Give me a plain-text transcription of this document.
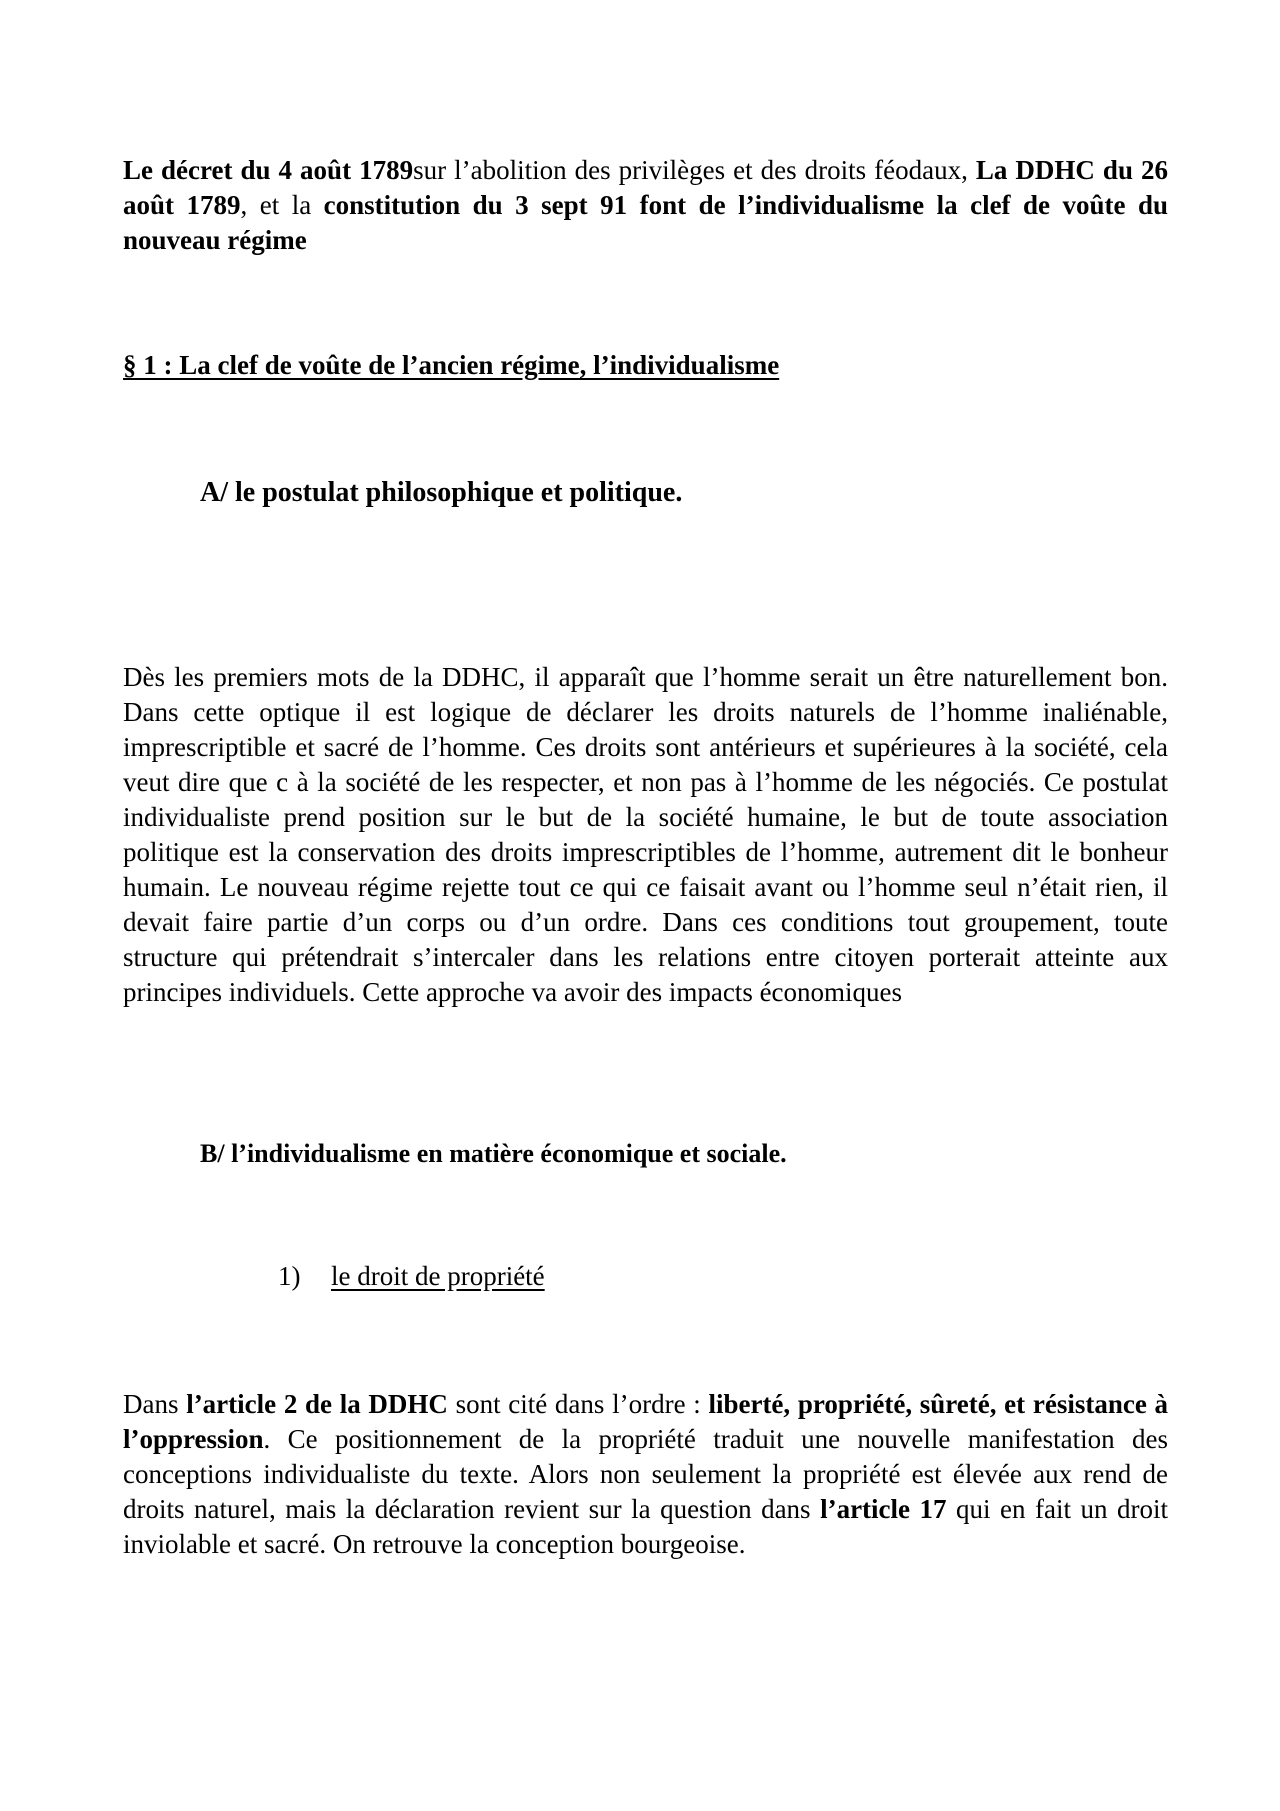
Le décret du 4 août 1789sur l’abolition des privilèges et des droits féodaux, La DDHC du 26 août 1789, et la constitution du 3 sept 91 font de l’individualisme la clef de voûte du nouveau régime

§ 1 : La clef de voûte de l’ancien régime, l’individualisme
A/ le postulat philosophique et politique.

Dès les premiers mots de la DDHC, il apparaît que l’homme serait un être naturellement bon. Dans cette optique il est logique de déclarer les droits naturels de l’homme inaliénable, imprescriptible et sacré de l’homme. Ces droits sont antérieurs et supérieures à la société, cela veut dire que c à la société de les respecter, et non pas à l’homme de les négociés. Ce postulat individualiste prend position sur le but de la société humaine, le but de toute association politique est la conservation des droits imprescriptibles de l’homme, autrement dit le bonheur humain. Le nouveau régime rejette tout ce qui ce faisait avant ou l’homme seul n’était rien, il devait faire partie d’un corps ou d’un ordre. Dans ces conditions tout groupement, toute structure qui prétendrait s’intercaler dans les relations entre citoyen porterait atteinte aux principes individuels. Cette approche va avoir des impacts économiques

B/ l’individualisme en matière économique et sociale.

1) le droit de propriété

Dans l’article 2 de la DDHC sont cité dans l’ordre : liberté, propriété, sûreté, et résistance à l’oppression. Ce positionnement de la propriété traduit une nouvelle manifestation des conceptions individualiste du texte. Alors non seulement la propriété est élevée aux rend de droits naturel, mais la déclaration revient sur la question dans l’article 17 qui en fait un droit inviolable et sacré. On retrouve la conception bourgeoise.
